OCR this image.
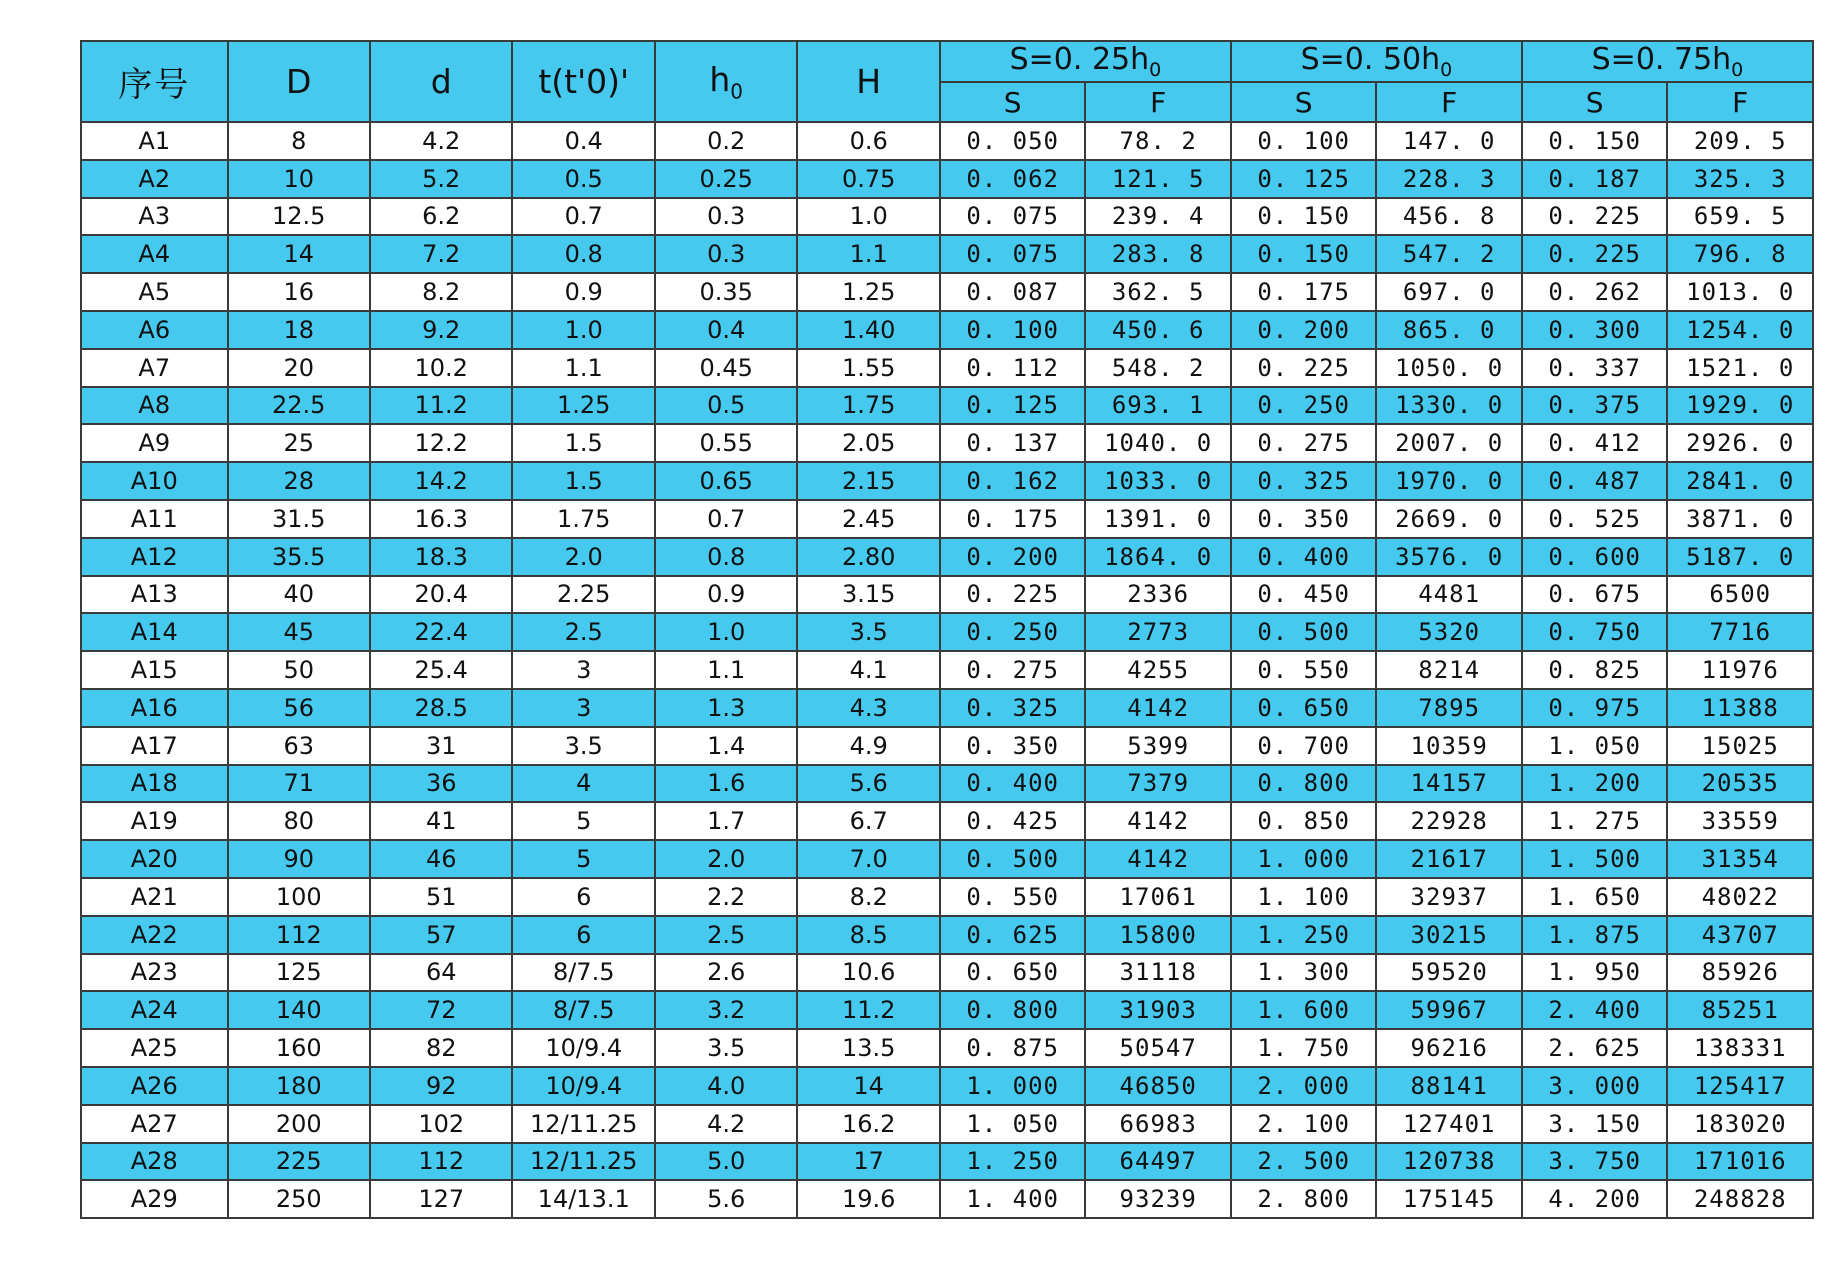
序号	D	d	t(t'0)'	$h_0$	H	S=0. $25h_0$		S=0. $50h_0$		S=0. $75h_0$
						S	F	S	F	S	F
A1	8	4.2	0.4	0.2	0.6	0. 050	78. 2	0. 100	147. 0	0. 150	209. 5
A2	10	5.2	0.5	0.25	0.75	0. 062	121. 5	0. 125	228. 3	0. 187	325. 3
A3	12.5	6.2	0.7	0.3	1.0	0. 075	239. 4	0. 150	456. 8	0. 225	659. 5
A4	14	7.2	0.8	0.3	1.1	0. 075	283. 8	0. 150	547. 2	0. 225	796. 8
A5	16	8.2	0.9	0.35	1.25	0. 087	362. 5	0. 175	697. 0	0. 262	1013. 0
A6	18	9.2	1.0	0.4	1.40	0. 100	450. 6	0. 200	865. 0	0. 300	1254. 0
A7	20	10.2	1.1	0.45	1.55	0. 112	548. 2	0. 225	1050. 0	0. 337	1521. 0
A8	22.5	11.2	1.25	0.5	1.75	0. 125	693. 1	0. 250	1330. 0	0. 375	1929. 0
A9	25	12.2	1.5	0.55	2.05	0. 137	1040. 0	0. 275	2007. 0	0. 412	2926. 0
A10	28	14.2	1.5	0.65	2.15	0. 162	1033. 0	0. 325	1970. 0	0. 487	2841. 0
A11	31.5	16.3	1.75	0.7	2.45	0. 175	1391. 0	0. 350	2669. 0	0. 525	3871. 0
A12	35.5	18.3	2.0	0.8	2.80	0. 200	1864. 0	0. 400	3576. 0	0. 600	5187. 0
A13	40	20.4	2.25	0.9	3.15	0. 225	2336	0. 450	4481	0. 675	6500
A14	45	22.4	2.5	1.0	3.5	0. 250	2773	0. 500	5320	0. 750	7716
A15	50	25.4	3	1.1	4.1	0. 275	4255	0. 550	8214	0. 825	11976
A16	56	28.5	3	1.3	4.3	0. 325	4142	0. 650	7895	0. 975	11388
A17	63	31	3.5	1.4	4.9	0. 350	5399	0. 700	10359	1. 050	15025
A18	71	36	4	1.6	5.6	0. 400	7379	0. 800	14157	1. 200	20535
A19	80	41	5	1.7	6.7	0. 425	4142	0. 850	22928	1. 275	33559
A20	90	46	5	2.0	7.0	0. 500	4142	1. 000	21617	1. 500	31354
A21	100	51	6	2.2	8.2	0. 550	17061	1. 100	32937	1. 650	48022
A22	112	57	6	2.5	8.5	0. 625	15800	1. 250	30215	1. 875	43707
A23	125	64	8/7.5	2.6	10.6	0. 650	31118	1. 300	59520	1. 950	85926
A24	140	72	8/7.5	3.2	11.2	0. 800	31903	1. 600	59967	2. 400	85251
A25	160	82	10/9.4	3.5	13.5	0. 875	50547	1. 750	96216	2. 625	138331
A26	180	92	10/9.4	4.0	14	1. 000	46850	2. 000	88141	3. 000	125417
A27	200	102	12/11.25	4.2	16.2	1. 050	66983	2. 100	127401	3. 150	183020
A28	225	112	12/11.25	5.0	17	1. 250	64497	2. 500	120738	3. 750	171016
A29	250	127	14/13.1	5.6	19.6	1. 400	93239	2. 800	175145	4. 200	248828
